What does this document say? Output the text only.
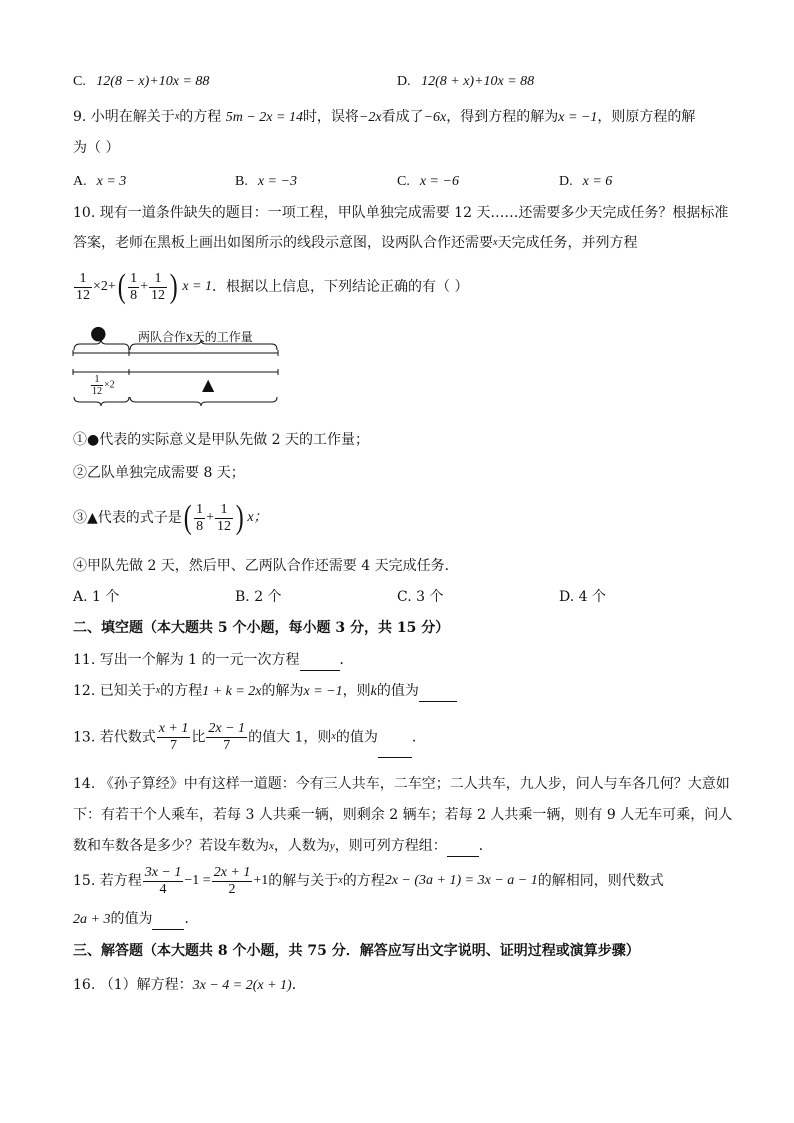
C. 12(8 − x)+10x = 88	D. 12(8 + x)+10x = 88
9. 小明在解关于$^x$的方程 5m − 2x = 14时，误将−2x看成了−6x，得到方程的解为x = −1，则原方程的解
为（ ）
A. x = 3	B. x = −3	C. x = −6	D. x = 6
10. 现有一道条件缺失的题目：一项工程，甲队单独完成需要 12 天……还需要多少天完成任务？根据标准
答案，老师在黑板上画出如图所示的线段示意图，设两队合作还需要$^x$天完成任务，并列方程
$\frac{1}{12} \times 2+( \frac{1}{8} + \frac{1}{12}$ ) x = 1．根据以上信息，下列结论正确的有（ ）
●	两队合作x天的工作量
$\frac{1}{12} \times 2$	▲
①●代表的实际意义是甲队先做 2 天的工作量；
②乙队单独完成需要 8 天；
③▲代表的式子是( $\frac{1}{8} + \frac{1}{12}$ ) x；
④甲队先做 2 天，然后甲、乙两队合作还需要 4 天完成任务．
A. 1 个	B. 2 个	C. 3 个	D. 4 个
二、填空题（本大题共 5 个小题，每小题 3 分，共 15 分）
11. 写出一个解为 1 的一元一次方程	．
12. 已知关于$^x$的方程1 + k = 2x的解为x = −1，则k的值为
13. 若代数式 $\frac{x + 1}{7}$ 比 $\frac{2x - 1}{7}$ 的值大 1，则$^x$的值为 ．
14. 《孙子算经》中有这样一道题：今有三人共车，二车空；二人共车，九人步，问人与车各几何？大意如
下：有若干个人乘车，若每 3 人共乘一辆，则剩余 2 辆车；若每 2 人共乘一辆，则有 9 人无车可乘，问人
数和车数各是多少？若设车数为$^x$，人数为$^y$，则可列方程组： ．
15. 若方程 $\frac{3x - 1}{4} -1 = \frac{2x + 1}{2} +1$的解与关于$^x$的方程2x − (3a + 1) = 3x − a − 1的解相同，则代数式
2a + 3的值为 ．
三、解答题（本大题共 8 个小题，共 75 分．解答应写出文字说明、证明过程或演算步骤）
16. （1）解方程：3x − 4 = 2(x + 1)．
